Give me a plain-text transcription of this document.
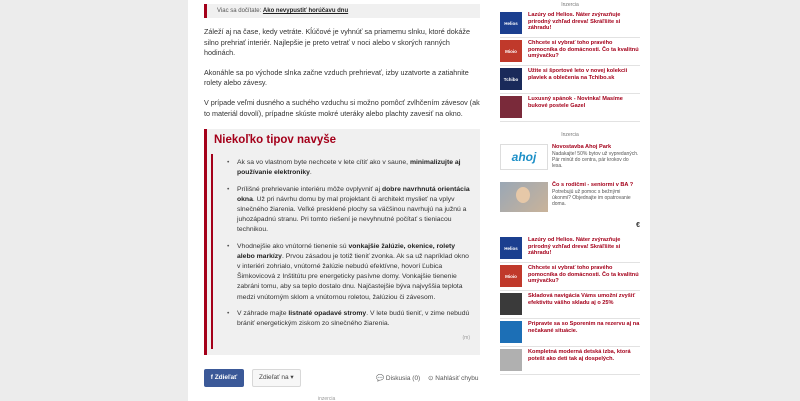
Viac sa dočítate: Ako nevypustiť horúčavu dnu

Záleží aj na čase, kedy vetráte. Kĺúčové je vyhnúť sa priamemu slnku, ktoré dokáže silno prehriať interiér. Najlepšie je preto vetrať v noci alebo v skorých ranných hodinách.

Akonáhle sa po východe slnka začne vzduch prehrievať, izby uzatvorte a zatiahnite rolety alebo závesy.

V prípade veľmi dusného a suchého vzduchu si možno pomôcť zvlhčením závesov (ak to materiál dovolí), prípadne skúste mokré uteráky alebo plachty zavesiť na okno.

Niekoľko tipov navyše
• Ak sa vo vlastnom byte nechcete v lete cítiť ako v saune, minimalizujte aj používanie elektroniky.
• Prílišné prehrievanie interiéru môže ovplyvniť aj dobre navrhnutá orientácia okna. Už pri návrhu domu by mal projektant či architekt myslieť na vplyv slnečného žiarenia. Veľké presklené plochy sa väčšinou navrhujú na južnú a juhozápadnú stranu. Pri tomto riešení je nevyhnutné počítať s tieniacou technikou.
• Vhodnejšie ako vnútorné tienenie sú vonkajšie žalúzie, okenice, rolety alebo markízy. Prvou zásadou je totiž tieniť zvonka. Ak sa už napríklad okno v interiéri zohrialo, vnútorné žalúzie nebudú efektívne, hovorí Ľubica Šimkovicová z Inštitútu pre energeticky pasívne domy. Vonkajšie tienenie zabráni tomu, aby sa teplo dostalo dnu. Najčastejšie býva najvyššia teplota medzi vnútorným sklom a vnútornou roletou, žalúziou či závesom.
• V záhrade majte listnaté opadavé stromy. V lete budú tieniť, v zime nebudú brániť energetickým ziskom zo slnečného žiarenia.
(m)
f Zdieľať	Zdieľať na ▾	💬 Diskusia (0) ⊙ Nahlásiť chybu
inzercia
Inzercia
Helios
Lazúry od Helios. Náter zvýrazňuje prirodný vzhľad dreva! Skráľšite si záhradu!
Mioio
Chhcete si vybrať toho pravého pomocníka do domácnosti. Čo ta kvalitnú umývačku?
Tchibo
Užite si športové leto v novej kolekcii plaviek a oblečenia na Tchibo.sk
Luxusný spánok - Novinka! Masíme bukové postele Gazel
Inzercia
ahoj
Novostavba Ahoj Park
Nadakajte! 50% bytov už vypredaných. Pár minút do centra, pár krokov do lesa.
Čo s rodičmi - seniormi v BA ?
Potrebujú už pomoc s bežnými úkonmi? Objednajte im opatrovanie doma.
€
Helios
Lazúry od Helios. Náter zvýrazňuje prirodný vzhľad dreva! Skráľšite si záhradu!
Mioio
Chhcete si vybrať toho pravého pomocníka do domácnosti. Čo ta kvalitnú umývačku?
Skladová navigácia Váms umožní zvyšiť efektivitu vášho skladu aj o 25%
Pripravte sa so Sporenim na rezervu aj na nečakané situácie.
Kompletná moderná detská izba, ktorá potešt ako deti tak aj dospelých.
